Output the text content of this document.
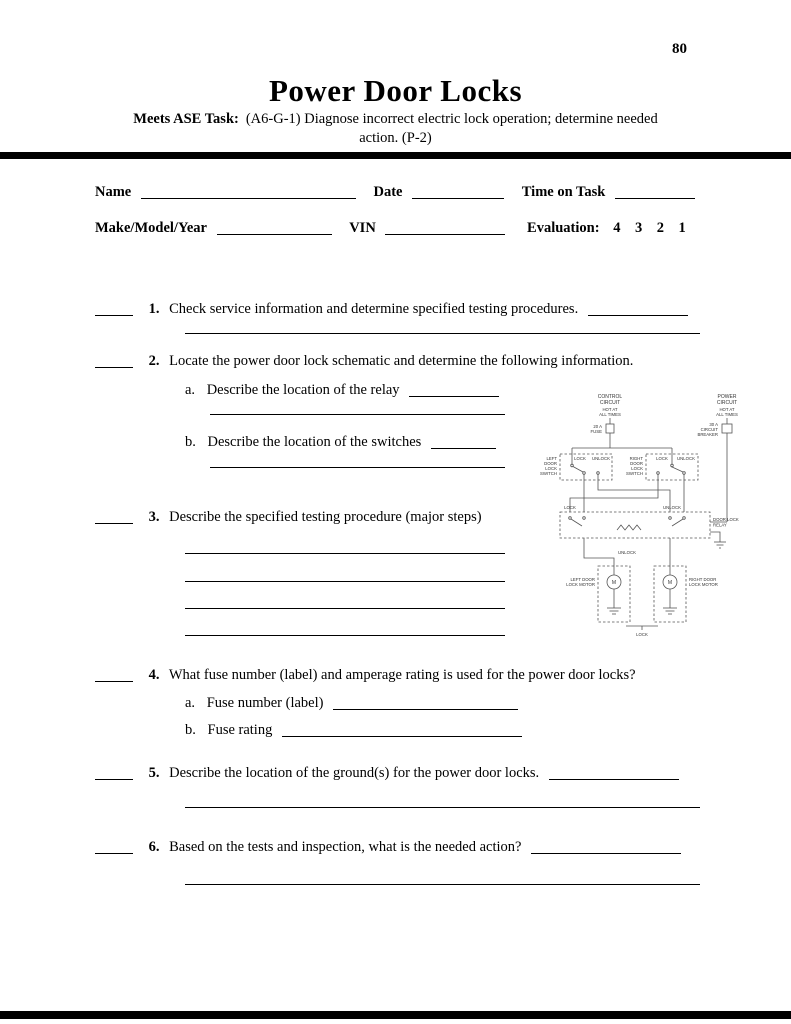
80
Power Door Locks
Meets ASE Task: (A6-G-1) Diagnose incorrect electric lock operation; determine needed
action. (P-2)
Name	Date	Time on Task
Make/Model/Year	VIN	Evaluation: 4    3    2    1
1. Check service information and determine specified testing procedures.
2. Locate the power door lock schematic and determine the following information.
a. Describe the location of the relay
b. Describe the location of the switches
3. Describe the specified testing procedure (major steps)
CONTROL
CIRCUIT
POWER
CIRCUIT
HOT AT
ALL TIMES
HOT AT
ALL TIMES
20 A
FUSE
30 A
CIRCUIT
BREAKER
LEFT
DOOR
LOCK
SWITCH
LOCK UNLOCK	RIGHT
DOOR
LOCK
SWITCH
LOCK UNLOCK
LOCK	UNLOCK
DOOR LOCK
RELAY
UNLOCK
LEFT DOOR
LOCK MOTOR
RIGHT DOOR
LOCK MOTOR
M	M
LOCK
4. What fuse number (label) and amperage rating is used for the power door locks?
a. Fuse number (label)
b. Fuse rating
5. Describe the location of the ground(s) for the power door locks.
6. Based on the tests and inspection, what is the needed action?
